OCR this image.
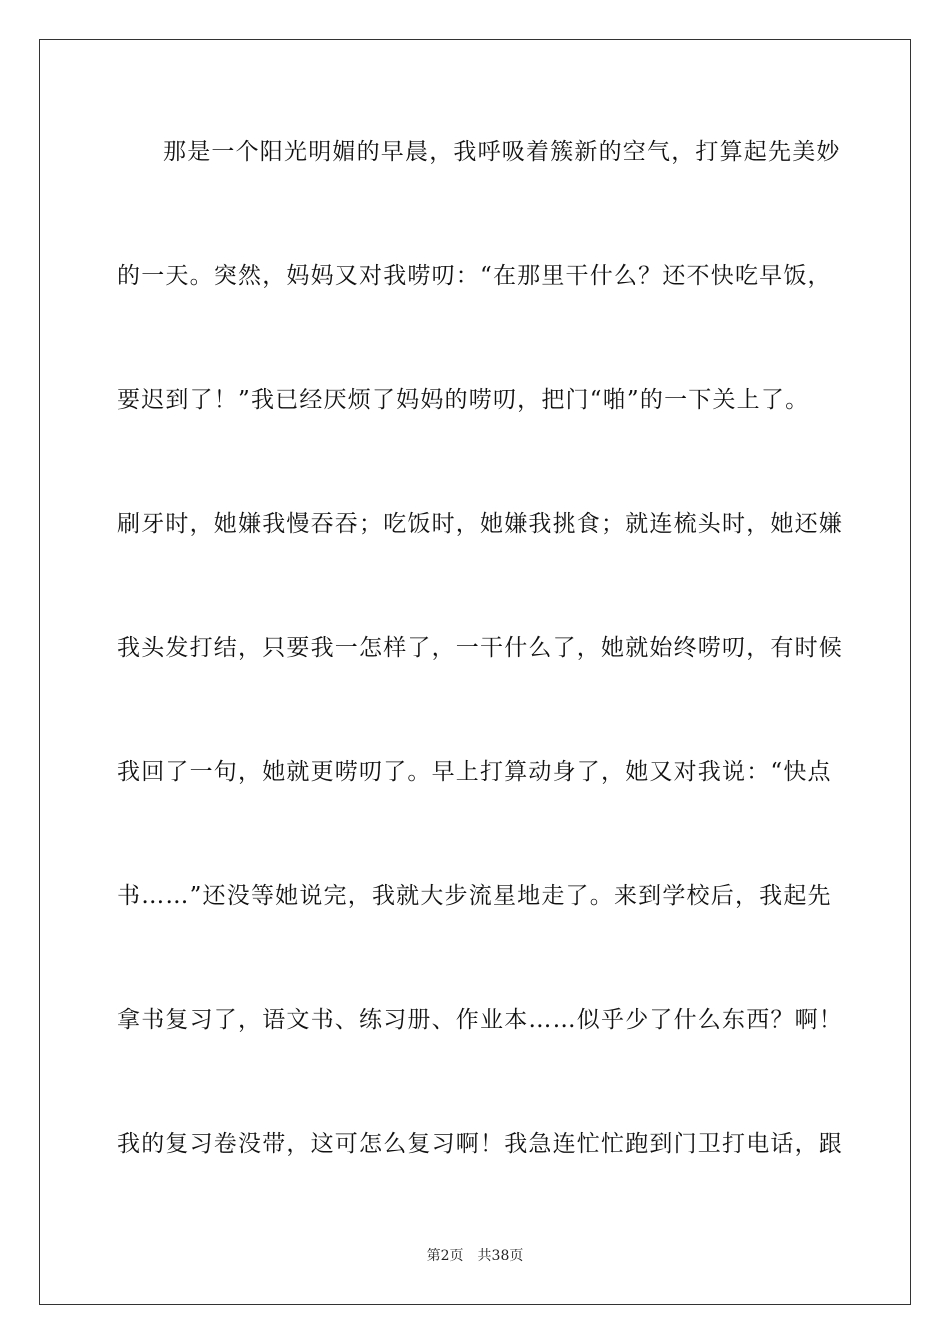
那是一个阳光明媚的早晨，我呼吸着簇新的空气，打算起先美妙
的一天。突然，妈妈又对我唠叨：“在那里干什么？还不快吃早饭，
要迟到了！”我已经厌烦了妈妈的唠叨，把门“啪”的一下关上了。
刷牙时，她嫌我慢吞吞；吃饭时，她嫌我挑食；就连梳头时，她还嫌
我头发打结，只要我一怎样了，一干什么了，她就始终唠叨，有时候
我回了一句，她就更唠叨了。早上打算动身了，她又对我说：“快点
书……”还没等她说完，我就大步流星地走了。来到学校后，我起先
拿书复习了，语文书、练习册、作业本……似乎少了什么东西？啊！
我的复习卷没带，这可怎么复习啊！我急连忙忙跑到门卫打电话，跟
第2页 共38页
